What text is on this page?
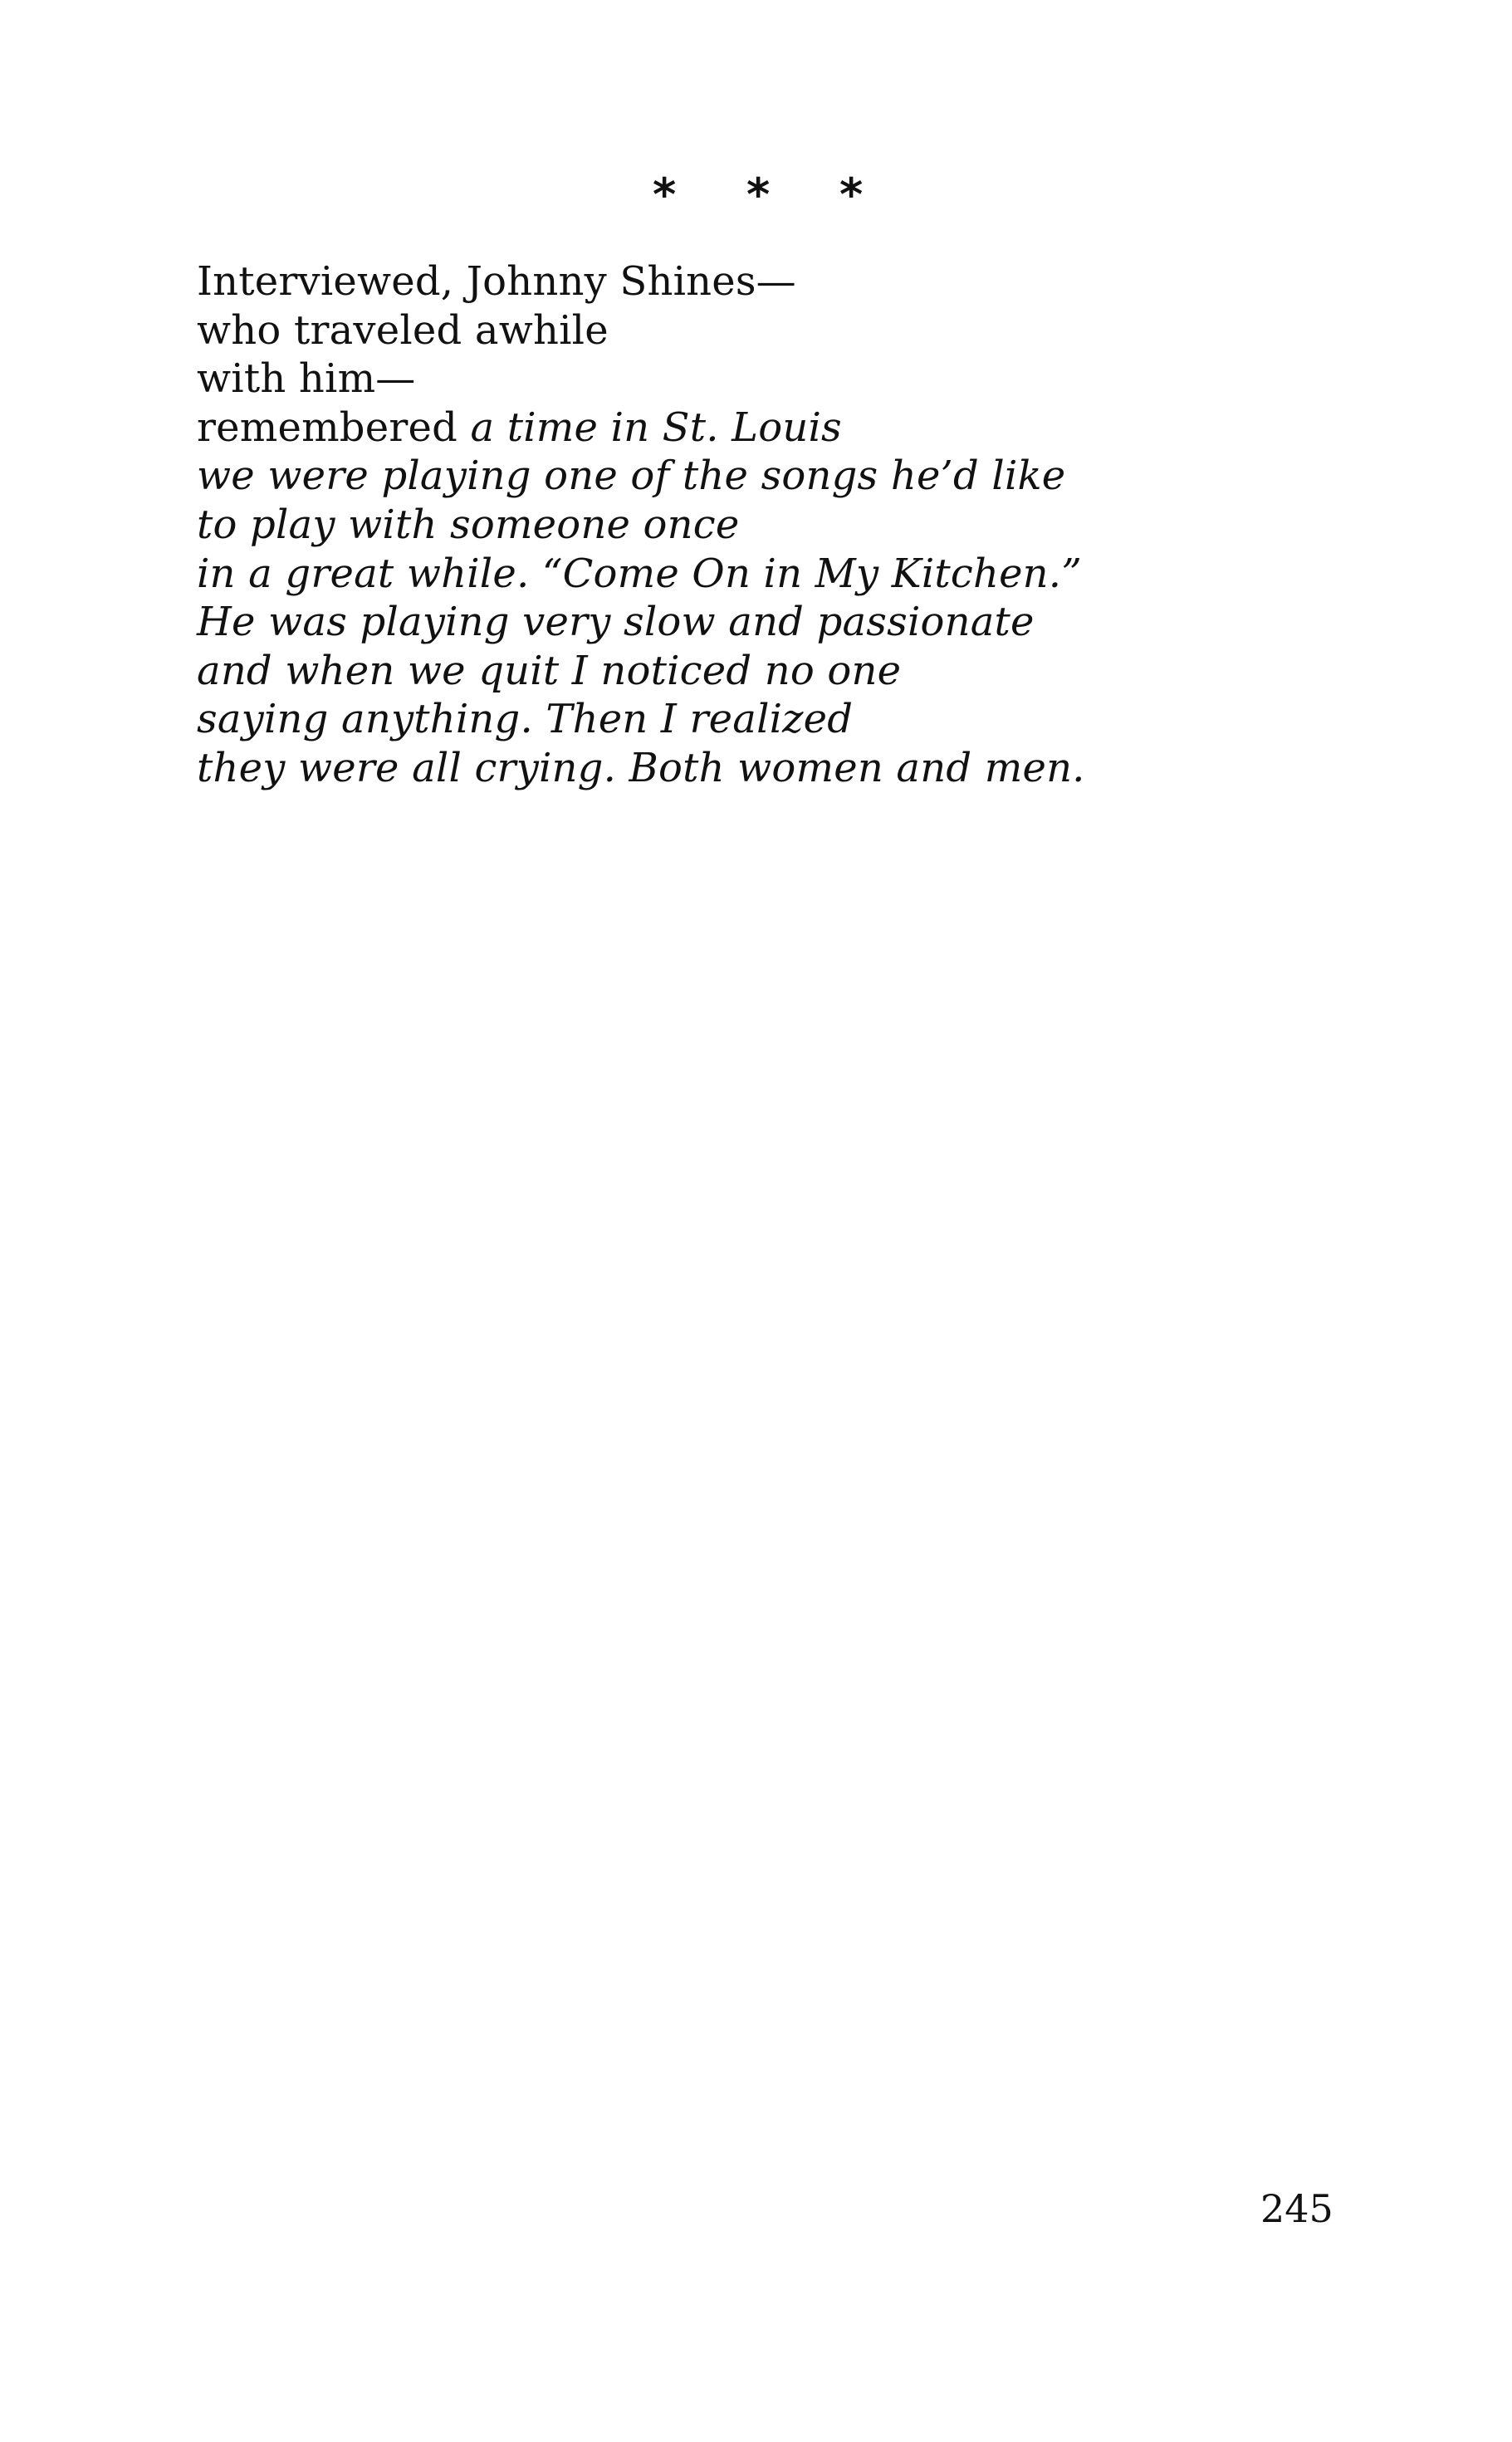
* * *
Interviewed, Johnny Shines—
who traveled awhile
with him—
remembered a time in St. Louis
we were playing one of the songs he’d like
to play with someone once
in a great while. “Come On in My Kitchen.”
He was playing very slow and passionate
and when we quit I noticed no one
saying anything. Then I realized
they were all crying. Both women and men.
245
